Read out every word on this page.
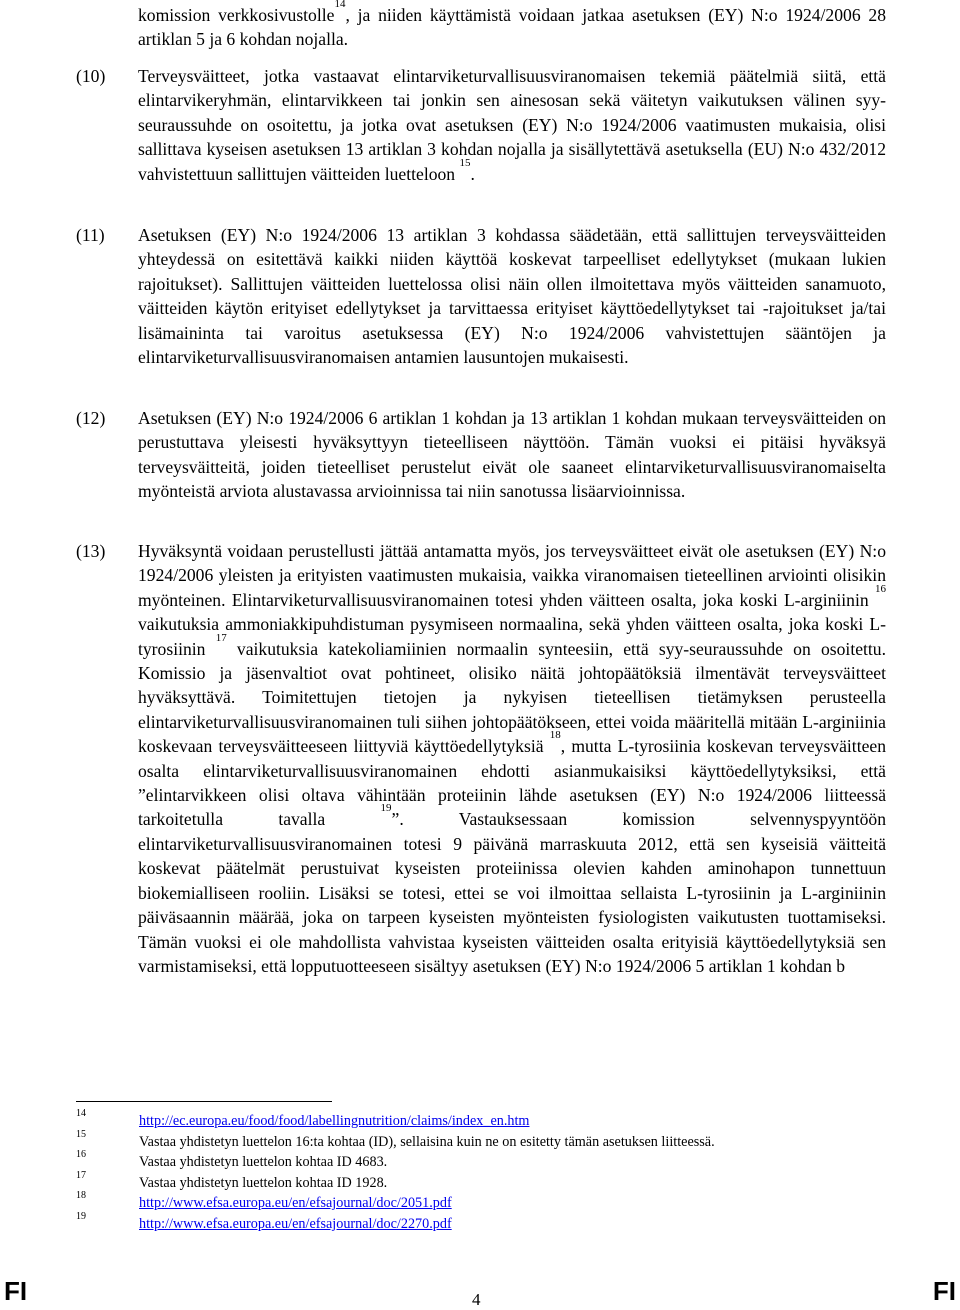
komission verkkosivustolle$^{14}$, ja niiden käyttämistä voidaan jatkaa asetuksen (EY) N:o 1924/2006 28 artiklan 5 ja 6 kohdan nojalla.
(10)	Terveysväitteet, jotka vastaavat elintarviketurvallisuusviranomaisen tekemiä päätelmiä siitä, että elintarvikeryhmän, elintarvikkeen tai jonkin sen ainesosan sekä väitetyn vaikutuksen välinen syy-seuraussuhde on osoitettu, ja jotka ovat asetuksen (EY) N:o 1924/2006 vaatimusten mukaisia, olisi sallittava kyseisen asetuksen 13 artiklan 3 kohdan nojalla ja sisällytettävä asetuksella (EU) N:o 432/2012 vahvistettuun sallittujen väitteiden luetteloon $^{15}$.
(11)	Asetuksen (EY) N:o 1924/2006 13 artiklan 3 kohdassa säädetään, että sallittujen terveysväitteiden yhteydessä on esitettävä kaikki niiden käyttöä koskevat tarpeelliset edellytykset (mukaan lukien rajoitukset). Sallittujen väitteiden luettelossa olisi näin ollen ilmoitettava myös väitteiden sanamuoto, väitteiden käytön erityiset edellytykset ja tarvittaessa erityiset käyttöedellytykset tai -rajoitukset ja/tai lisämaininta tai varoitus asetuksessa (EY) N:o 1924/2006 vahvistettujen sääntöjen ja elintarviketurvallisuusviranomaisen antamien lausuntojen mukaisesti.
(12)	Asetuksen (EY) N:o 1924/2006 6 artiklan 1 kohdan ja 13 artiklan 1 kohdan mukaan terveysväitteiden on perustuttava yleisesti hyväksyttyyn tieteelliseen näyttöön. Tämän vuoksi ei pitäisi hyväksyä terveysväitteitä, joiden tieteelliset perustelut eivät ole saaneet elintarviketurvallisuusviranomaiselta myönteistä arviota alustavassa arvioinnissa tai niin sanotussa lisäarvioinnissa.
(13)	Hyväksyntä voidaan perustellusti jättää antamatta myös, jos terveysväitteet eivät ole asetuksen (EY) N:o 1924/2006 yleisten ja erityisten vaatimusten mukaisia, vaikka viranomaisen tieteellinen arviointi olisikin myönteinen. Elintarviketurvallisuusviranomainen totesi yhden väitteen osalta, joka koski L-arginiinin $^{16}$ vaikutuksia ammoniakkipuhdistuman pysymiseen normaalina, sekä yhden väitteen osalta, joka koski L-tyrosiinin $^{17}$ vaikutuksia katekoliamiinien normaalin synteesiin, että syy-seuraussuhde on osoitettu. Komissio ja jäsenvaltiot ovat pohtineet, olisiko näitä johtopäätöksiä ilmentävät terveysväitteet hyväksyttävä. Toimitettujen tietojen ja nykyisen tieteellisen tietämyksen perusteella elintarviketurvallisuusviranomainen tuli siihen johtopäätökseen, ettei voida määritellä mitään L-arginiinia koskevaan terveysväitteeseen liittyviä käyttöedellytyksiä $^{18}$, mutta L-tyrosiinia koskevan terveysväitteen osalta elintarviketurvallisuusviranomainen ehdotti asianmukaisiksi käyttöedellytyksiksi, että ”elintarvikkeen olisi oltava vähintään proteiinin lähde asetuksen (EY) N:o 1924/2006 liitteessä tarkoitetulla tavalla $^{19}$”. Vastauksessaan komission selvennyspyyntöön elintarviketurvallisuusviranomainen totesi 9 päivänä marraskuuta 2012, että sen kyseisiä väitteitä koskevat päätelmät perustuivat kyseisten proteiinissa olevien kahden aminohapon tunnettuun biokemialliseen rooliin. Lisäksi se totesi, ettei se voi ilmoittaa sellaista L-tyrosiinin ja L-arginiinin päiväsaannin määrää, joka on tarpeen kyseisten myönteisten fysiologisten vaikutusten tuottamiseksi. Tämän vuoksi ei ole mahdollista vahvistaa kyseisten väitteiden osalta erityisiä käyttöedellytyksiä sen varmistamiseksi, että lopputuotteeseen sisältyy asetuksen (EY) N:o 1924/2006 5 artiklan 1 kohdan b
14	http://ec.europa.eu/food/food/labellingnutrition/claims/index_en.htm
15	Vastaa yhdistetyn luettelon 16:ta kohtaa (ID), sellaisina kuin ne on esitetty tämän asetuksen liitteessä.
16	Vastaa yhdistetyn luettelon kohtaa ID 4683.
17	Vastaa yhdistetyn luettelon kohtaa ID 1928.
18	http://www.efsa.europa.eu/en/efsajournal/doc/2051.pdf
19	http://www.efsa.europa.eu/en/efsajournal/doc/2270.pdf
FI	4	FI
